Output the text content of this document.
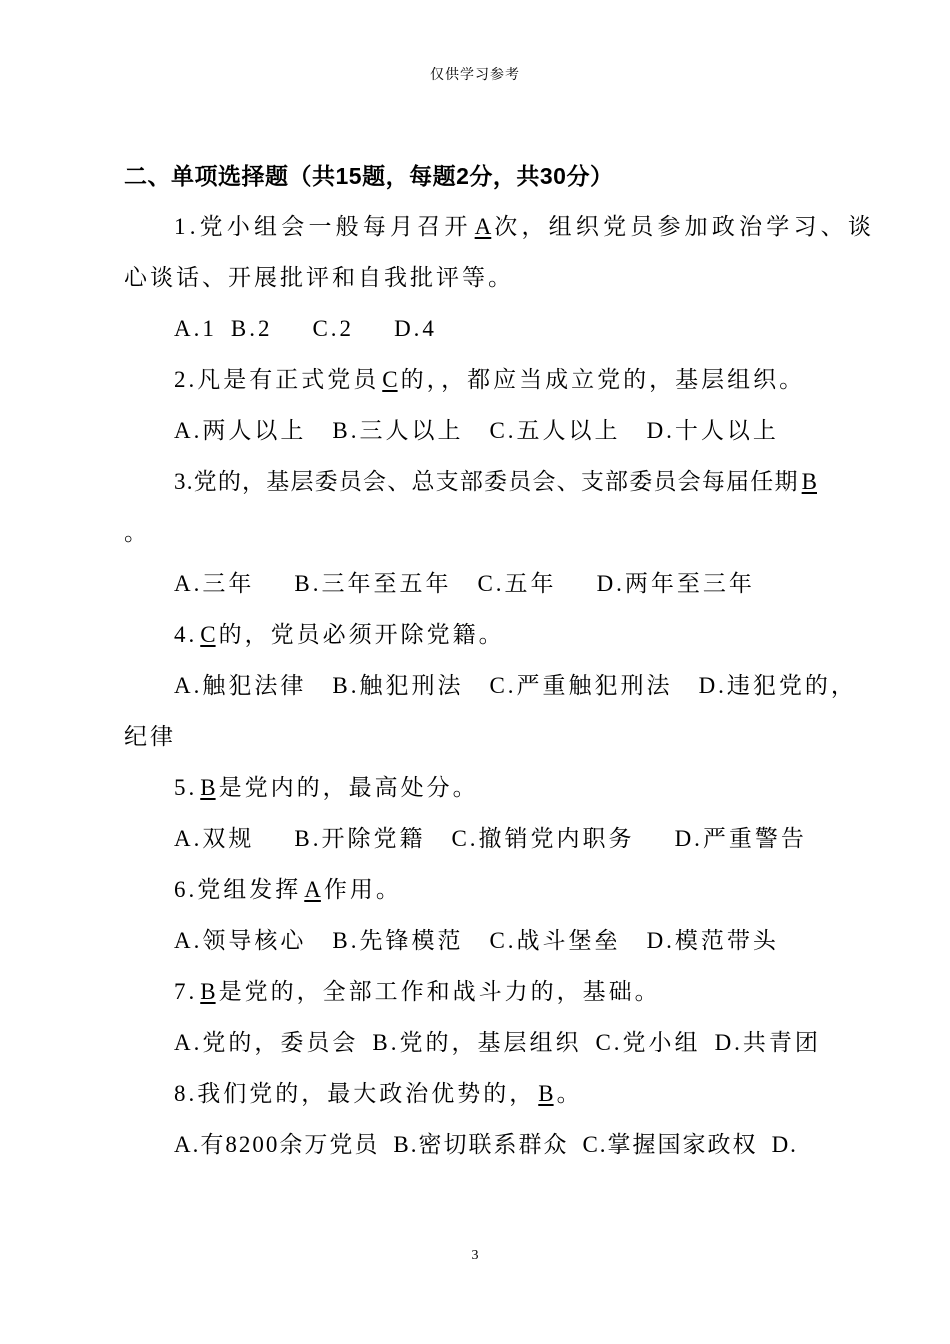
仅供学习参考
二、单项选择题（共15题，每题2分，共30分）
1.党小组会一般每月召开 A 次，组织党员参加政治学习、谈
心谈话、开展批评和自我批评等。
A.1 B.2 C.2 D.4
2.凡是有正式党员 C 的，，都应当成立党的，基层组织。
A.两人以上 B.三人以上 C.五人以上 D.十人以上
3.党的，基层委员会、总支部委员会、支部委员会每届任期 B
。
A.三年 B.三年至五年 C.五年 D.两年至三年
4. C 的，党员必须开除党籍。
A.触犯法律 B.触犯刑法 C.严重触犯刑法 D.违犯党的，
纪律
5. B 是党内的，最高处分。
A.双规 B.开除党籍 C.撤销党内职务 D.严重警告
6.党组发挥 A 作用。
A.领导核心 B.先锋模范 C.战斗堡垒 D.模范带头
7. B 是党的，全部工作和战斗力的，基础。
A.党的，委员会 B.党的，基层组织 C.党小组 D.共青团
8.我们党的，最大政治优势的， B 。
A.有8200余万党员 B.密切联系群众 C.掌握国家政权 D.
3
